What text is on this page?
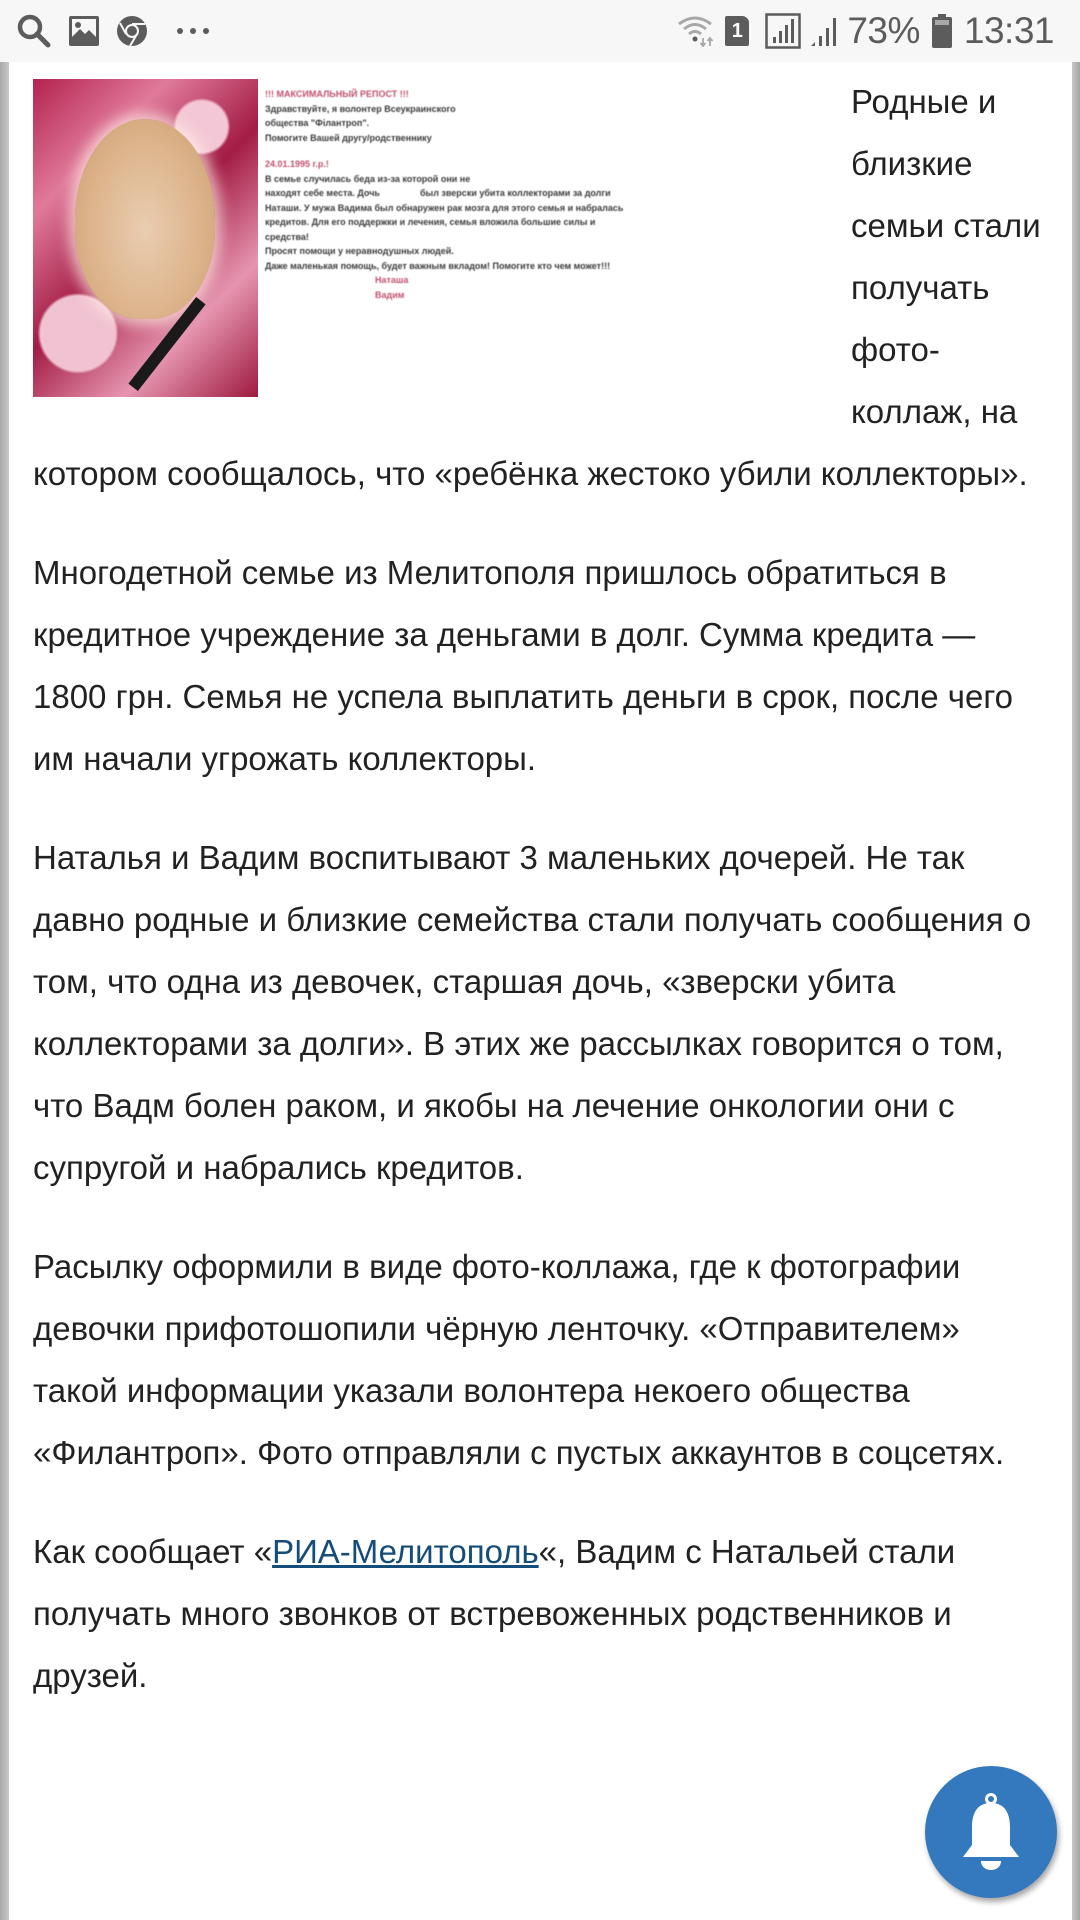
1	73% 13:31
!!! МАКСИМАЛЬНЫЙ РЕПОСТ !!!
Здравствуйте, я волонтер Всеукраинского
общества "Філантроп".
Помогите Вашей другу/родственнику
24.01.1995 г.р.!
В семье случилась беда из-за которой они не
находят себе места. Дочь                был зверски убита коллекторами за долги
Наташи. У мужа Вадима был обнаружен рак мозга для этого семья и набралась
кредитов. Для его поддержки и лечения, семья вложила большие силы и
средства!
Просят помощи у неравнодушных людей.
Даже маленькая помощь, будет важным вкладом! Помогите кто чем может!!!
Наташа
Вадим

Родные и близкие семьи стали получать фото-коллаж, на котором сообщалось, что «ребёнка жестоко убили коллекторы».

Многодетной семье из Мелитополя пришлось обратиться в кредитное учреждение за деньгами в долг. Сумма кредита — 1800 грн. Семья не успела выплатить деньги в срок, после чего им начали угрожать коллекторы.

Наталья и Вадим воспитывают 3 маленьких дочерей. Не так давно родные и близкие семейства стали получать сообщения о том, что одна из девочек, старшая дочь, «зверски убита коллекторами за долги». В этих же рассылках говорится о том, что Вадм болен раком, и якобы на лечение онкологии они с супругой и набрались кредитов.

Расылку оформили в виде фото-коллажа, где к фотографии девочки прифотошопили чёрную ленточку. «Отправителем» такой информации указали волонтера некоего общества «Филантроп». Фото отправляли с пустых аккаунтов в соцсетях.

Как сообщает «РИА-Мелитополь«, Вадим с Натальей стали получать много звонков от встревоженных родственников и друзей.
